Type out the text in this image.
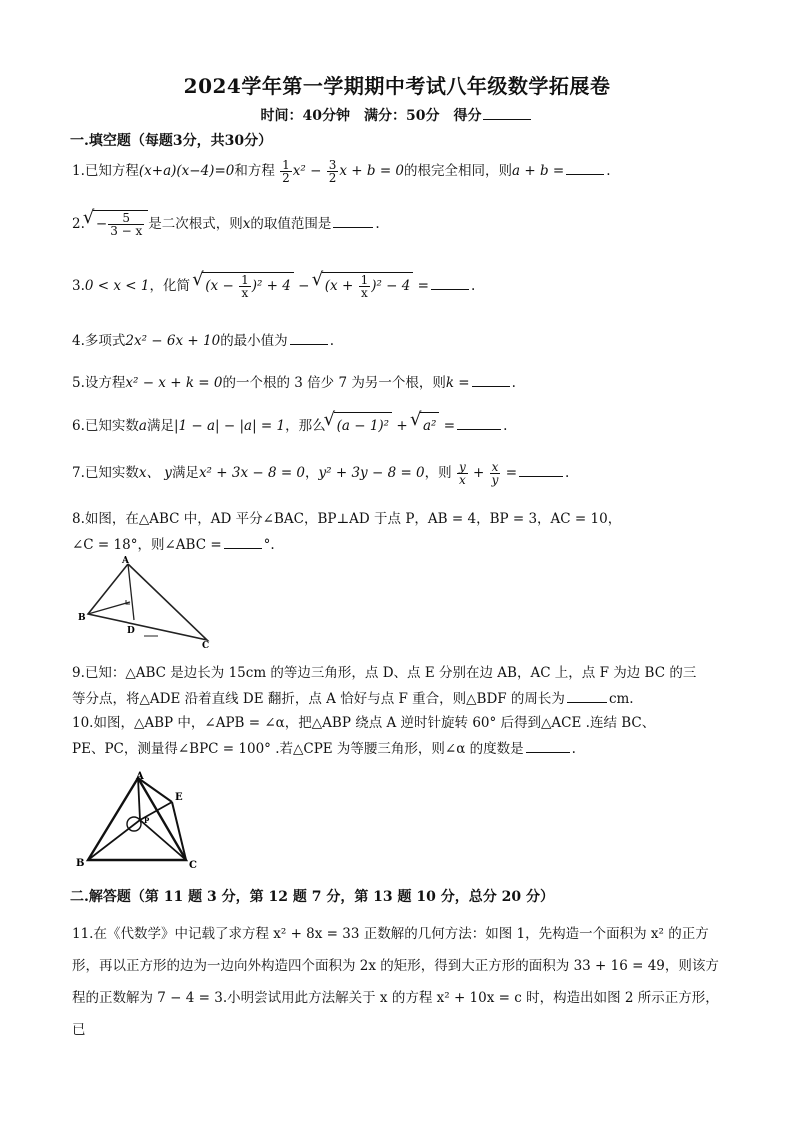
2024学年第一学期期中考试八年级数学拓展卷
时间：40分钟　满分：50分　得分
一.填空题（每题3分，共30分）
1.已知方程(x+a)(x−4)=0和方程 $\frac{1}{2} x^2 - \frac{3}{2}$ x + b = 0的根完全相同，则a + b =	.
$2.√ - \frac{5}{3 - x}$ 是二次根式，则x的取值范围是	.
3.0 < x < 1，化简 √ $(x - \frac{1}{x} )^2 + 4$ − √ $(x + \frac{1}{x} )^2 - 4$ =	.
4.多项式2x² − 6x + 10的最小值为	.
5.设方程x² − x + k = 0的一个根的 3 倍少 7 为另一个根，则k =	.
6.已知实数a满足|1 − a| − |a| = 1，那么√ (a − 1)² + √ a² =	.
7.已知实数x、 y满足x² + 3x − 8 = 0，y² + 3y − 8 = 0，则 $\frac{y}{x} + \frac{x}{y}$ =	.
8.如图，在△ABC 中，AD 平分∠BAC，BP⊥AD 于点 P，AB = 4，BP = 3，AC = 10，
∠C = 18°，则∠ABC =	°.
A
B
D
C
9.已知：△ABC 是边长为 15cm 的等边三角形，点 D、点 E 分别在边 AB，AC 上，点 F 为边 BC 的三
等分点，将△ADE 沿着直线 DE 翻折，点 A 恰好与点 F 重合，则△BDF 的周长为	cm.
10.如图，△ABP 中，∠APB = ∠α，把△ABP 绕点 A 逆时针旋转 60° 后得到△ACE .连结 BC、
PE、PC，测量得∠BPC = 100° .若△CPE 为等腰三角形，则∠α 的度数是	.
A
E
P
B	C
二.解答题（第 11 题 3 分，第 12 题 7 分，第 13 题 10 分，总分 20 分）
11.在《代数学》中记载了求方程 x² + 8x = 33 正数解的几何方法：如图 1，先构造一个面积为 x² 的正方
形，再以正方形的边为一边向外构造四个面积为 2x 的矩形，得到大正方形的面积为 33 + 16 = 49，则该方
程的正数解为 7 − 4 = 3.小明尝试用此方法解关于 x 的方程 x² + 10x = c 时，构造出如图 2 所示正方形，已
